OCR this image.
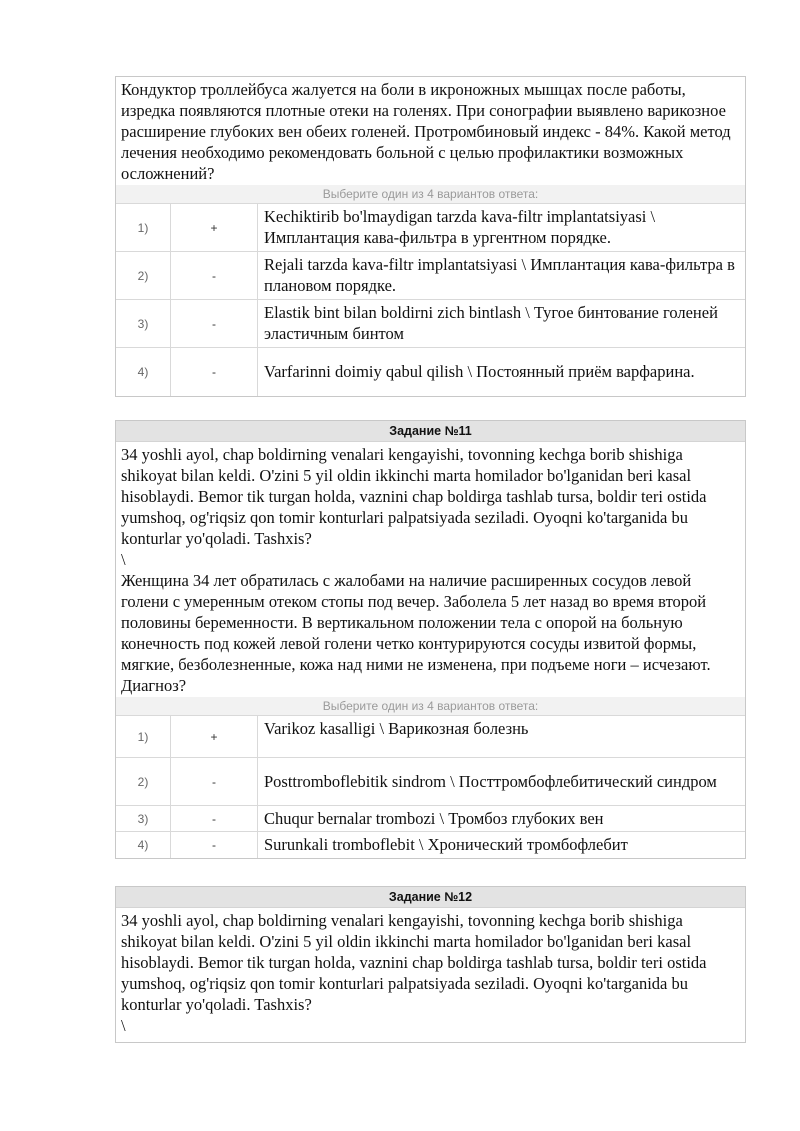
Кондуктор троллейбуса жалуется на боли в икроножных мышцах после работы, изредка появляются плотные отеки на голенях. При сонографии выявлено варикозное расширение глубоких вен обеих голеней. Протромбиновый индекс - 84%. Какой метод лечения необходимо рекомендовать больной с целью профилактики возможных осложнений?
Выберите один из 4 вариантов ответа:
1)	+	Kechiktirib bo'lmaydigan tarzda kava-filtr implantatsiyasi \ Имплантация кава-фильтра в ургентном порядке.
2)	-	Rejali tarzda kava-filtr implantatsiyasi \ Имплантация кава-фильтра в плановом порядке.
3)	-	Elastik bint bilan boldirni zich bintlash \ Тугое бинтование голеней эластичным бинтом
4)	-	Varfarinni doimiy qabul qilish \ Постоянный приём варфарина.
Задание №11
34 yoshli ayol, chap boldirning venalari kengayishi, tovonning kechga borib shishiga shikoyat bilan keldi. O'zini 5 yil oldin ikkinchi marta homilador bo'lganidan beri kasal hisoblaydi. Bemor tik turgan holda, vaznini chap boldirga tashlab tursa, boldir teri ostida yumshoq, og'riqsiz qon tomir konturlari palpatsiyada seziladi. Oyoqni ko'targanida bu konturlar yo'qoladi. Tashxis?
\
Женщина 34 лет обратилась с жалобами на наличие расширенных сосудов левой голени с умеренным отеком стопы под вечер. Заболела 5 лет назад во время второй половины беременности. В вертикальном положении тела с опорой на больную конечность под кожей левой голени четко контурируются сосуды извитой формы, мягкие, безболезненные, кожа над ними не изменена, при подъеме ноги – исчезают. Диагноз?
Выберите один из 4 вариантов ответа:
1)	+	Varikoz kasalligi \ Варикозная болезнь
2)	-	Posttromboflebitik sindrom \ Посттромбофлебитический синдром
3)	-	Chuqur bernalar trombozi \ Тромбоз глубоких вен
4)	-	Surunkali tromboflebit \ Хронический тромбофлебит
Задание №12
34 yoshli ayol, chap boldirning venalari kengayishi, tovonning kechga borib shishiga shikoyat bilan keldi. O'zini 5 yil oldin ikkinchi marta homilador bo'lganidan beri kasal hisoblaydi. Bemor tik turgan holda, vaznini chap boldirga tashlab tursa, boldir teri ostida yumshoq, og'riqsiz qon tomir konturlari palpatsiyada seziladi. Oyoqni ko'targanida bu konturlar yo'qoladi. Tashxis?
\
